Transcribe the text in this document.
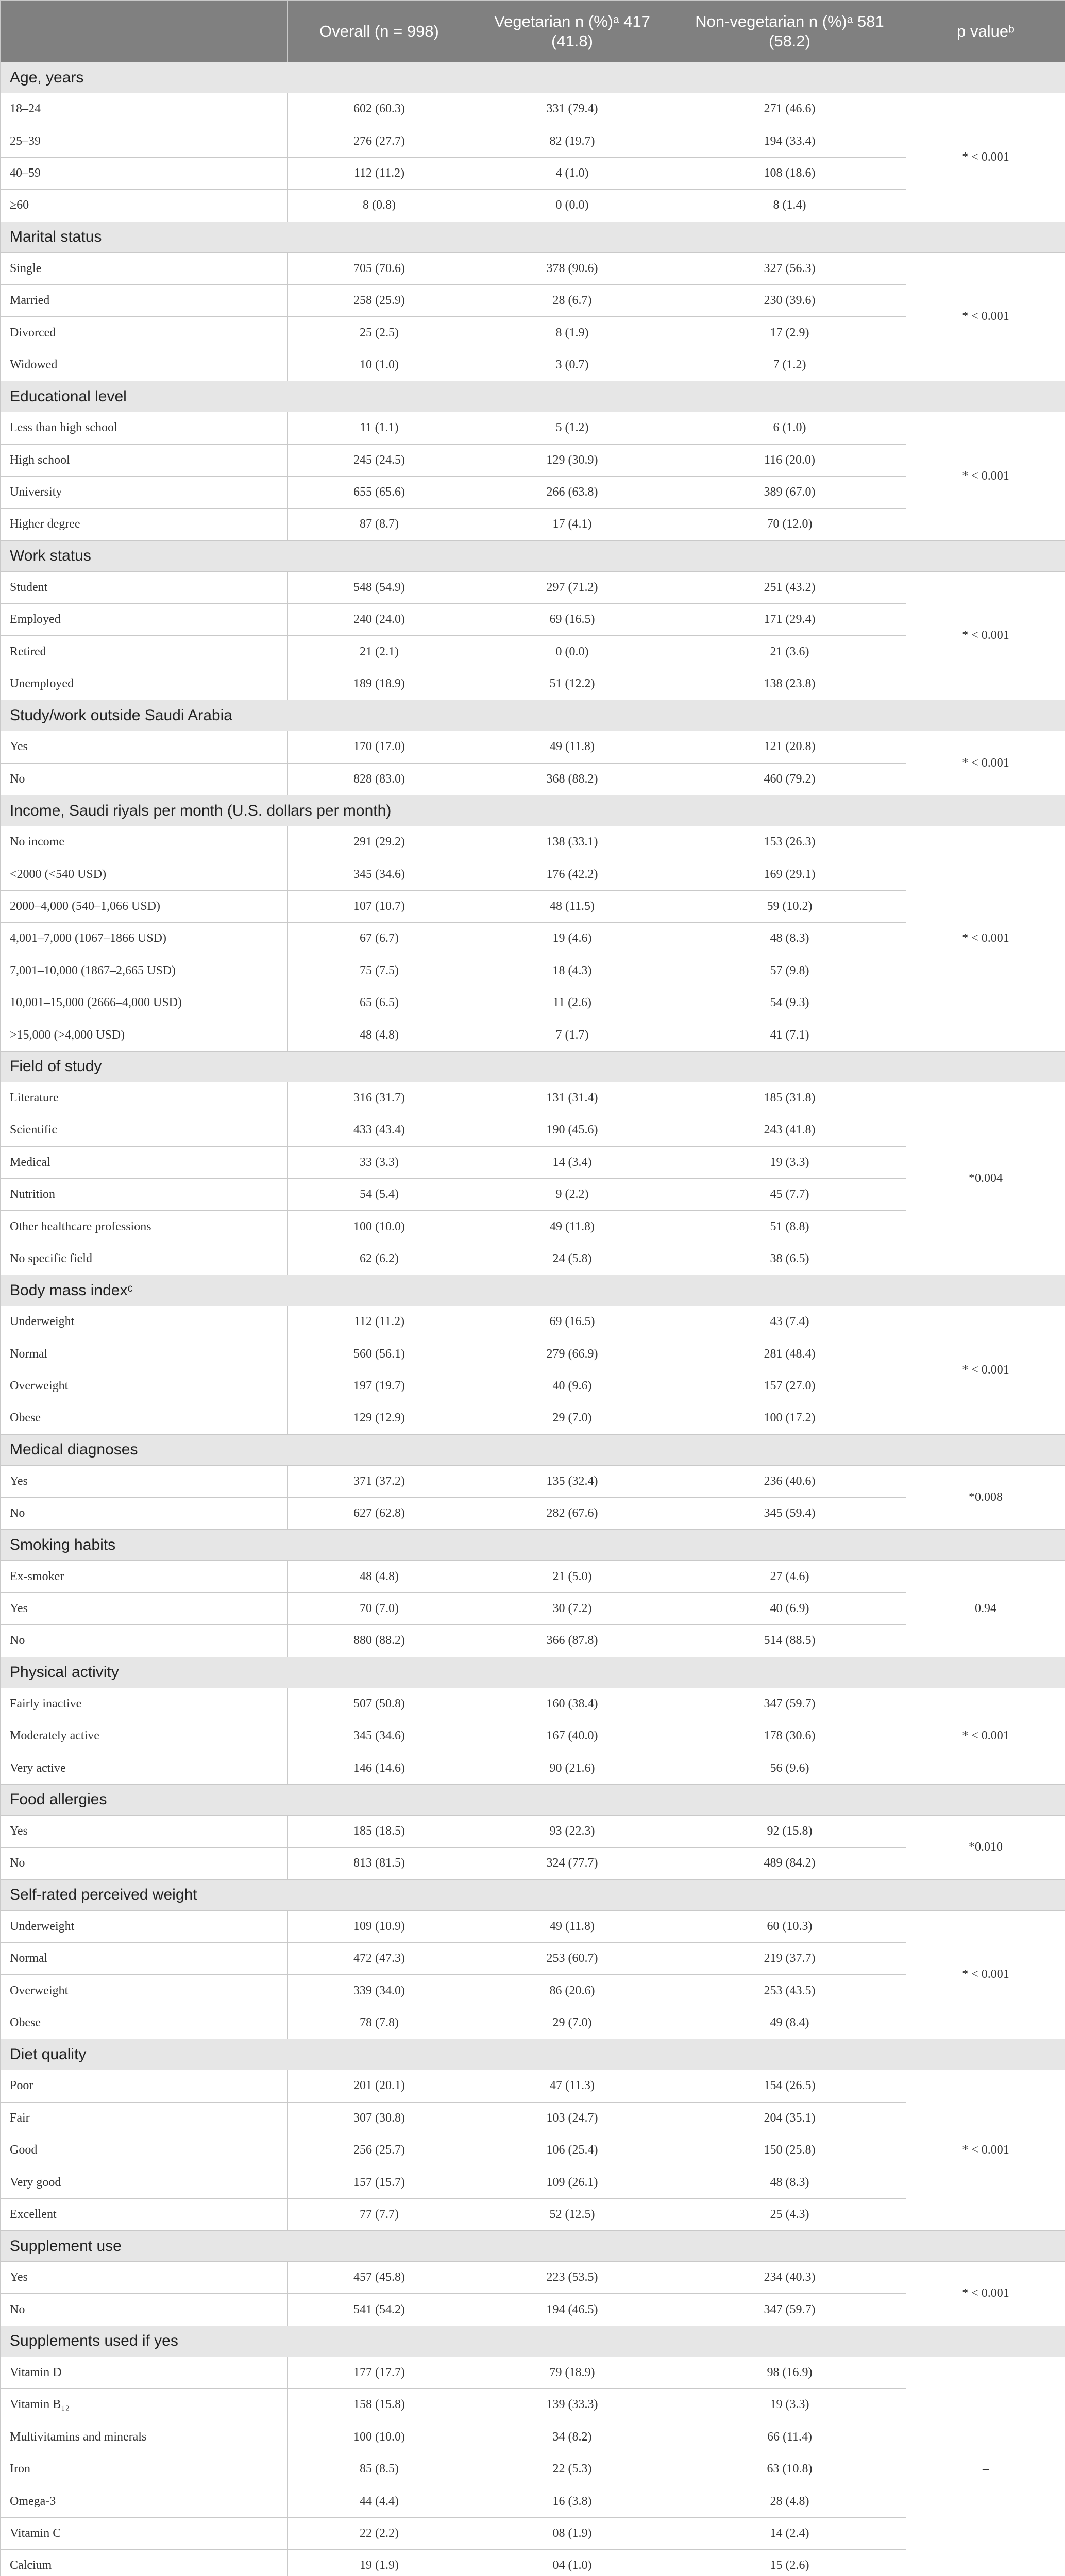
	Overall (n = 998)	Vegetarian n (%)ᵃ 417 (41.8)	Non-vegetarian n (%)ᵃ 581 (58.2)	p valueᵇ
Age, years				
18–24	602 (60.3)	331 (79.4)	271 (46.6)	* < 0.001
25–39	276 (27.7)	82 (19.7)	194 (33.4)	
40–59	112 (11.2)	4 (1.0)	108 (18.6)	
≥60	8 (0.8)	0 (0.0)	8 (1.4)	
Marital status				
Single	705 (70.6)	378 (90.6)	327 (56.3)	* < 0.001
Married	258 (25.9)	28 (6.7)	230 (39.6)	
Divorced	25 (2.5)	8 (1.9)	17 (2.9)	
Widowed	10 (1.0)	3 (0.7)	7 (1.2)	
Educational level				
Less than high school	11 (1.1)	5 (1.2)	6 (1.0)	* < 0.001
High school	245 (24.5)	129 (30.9)	116 (20.0)	
University	655 (65.6)	266 (63.8)	389 (67.0)	
Higher degree	87 (8.7)	17 (4.1)	70 (12.0)	
Work status				
Student	548 (54.9)	297 (71.2)	251 (43.2)	* < 0.001
Employed	240 (24.0)	69 (16.5)	171 (29.4)	
Retired	21 (2.1)	0 (0.0)	21 (3.6)	
Unemployed	189 (18.9)	51 (12.2)	138 (23.8)	
Study/work outside Saudi Arabia				
Yes	170 (17.0)	49 (11.8)	121 (20.8)	* < 0.001
No	828 (83.0)	368 (88.2)	460 (79.2)	
Income, Saudi riyals per month (U.S. dollars per month)				
No income	291 (29.2)	138 (33.1)	153 (26.3)	* < 0.001
<2000 (<540 USD)	345 (34.6)	176 (42.2)	169 (29.1)	
2000–4,000 (540–1,066 USD)	107 (10.7)	48 (11.5)	59 (10.2)	
4,001–7,000 (1067–1866 USD)	67 (6.7)	19 (4.6)	48 (8.3)	
7,001–10,000 (1867–2,665 USD)	75 (7.5)	18 (4.3)	57 (9.8)	
10,001–15,000 (2666–4,000 USD)	65 (6.5)	11 (2.6)	54 (9.3)	
>15,000 (>4,000 USD)	48 (4.8)	7 (1.7)	41 (7.1)	
Field of study				
Literature	316 (31.7)	131 (31.4)	185 (31.8)	*0.004
Scientific	433 (43.4)	190 (45.6)	243 (41.8)	
Medical	33 (3.3)	14 (3.4)	19 (3.3)	
Nutrition	54 (5.4)	9 (2.2)	45 (7.7)	
Other healthcare professions	100 (10.0)	49 (11.8)	51 (8.8)	
No specific field	62 (6.2)	24 (5.8)	38 (6.5)	
Body mass indexᶜ				
Underweight	112 (11.2)	69 (16.5)	43 (7.4)	* < 0.001
Normal	560 (56.1)	279 (66.9)	281 (48.4)	
Overweight	197 (19.7)	40 (9.6)	157 (27.0)	
Obese	129 (12.9)	29 (7.0)	100 (17.2)	
Medical diagnoses				
Yes	371 (37.2)	135 (32.4)	236 (40.6)	*0.008
No	627 (62.8)	282 (67.6)	345 (59.4)	
Smoking habits				
Ex-smoker	48 (4.8)	21 (5.0)	27 (4.6)	0.94
Yes	70 (7.0)	30 (7.2)	40 (6.9)	
No	880 (88.2)	366 (87.8)	514 (88.5)	
Physical activity				
Fairly inactive	507 (50.8)	160 (38.4)	347 (59.7)	* < 0.001
Moderately active	345 (34.6)	167 (40.0)	178 (30.6)	
Very active	146 (14.6)	90 (21.6)	56 (9.6)	
Food allergies				
Yes	185 (18.5)	93 (22.3)	92 (15.8)	*0.010
No	813 (81.5)	324 (77.7)	489 (84.2)	
Self-rated perceived weight				
Underweight	109 (10.9)	49 (11.8)	60 (10.3)	* < 0.001
Normal	472 (47.3)	253 (60.7)	219 (37.7)	
Overweight	339 (34.0)	86 (20.6)	253 (43.5)	
Obese	78 (7.8)	29 (7.0)	49 (8.4)	
Diet quality				
Poor	201 (20.1)	47 (11.3)	154 (26.5)	* < 0.001
Fair	307 (30.8)	103 (24.7)	204 (35.1)	
Good	256 (25.7)	106 (25.4)	150 (25.8)	
Very good	157 (15.7)	109 (26.1)	48 (8.3)	
Excellent	77 (7.7)	52 (12.5)	25 (4.3)	
Supplement use				
Yes	457 (45.8)	223 (53.5)	234 (40.3)	* < 0.001
No	541 (54.2)	194 (46.5)	347 (59.7)	
Supplements used if yes				
Vitamin D	177 (17.7)	79 (18.9)	98 (16.9)	–
Vitamin B₁₂	158 (15.8)	139 (33.3)	19 (3.3)	
Multivitamins and minerals	100 (10.0)	34 (8.2)	66 (11.4)	
Iron	85 (8.5)	22 (5.3)	63 (10.8)	
Omega-3	44 (4.4)	16 (3.8)	28 (4.8)	
Vitamin C	22 (2.2)	08 (1.9)	14 (2.4)	
Calcium	19 (1.9)	04 (1.0)	15 (2.6)	
